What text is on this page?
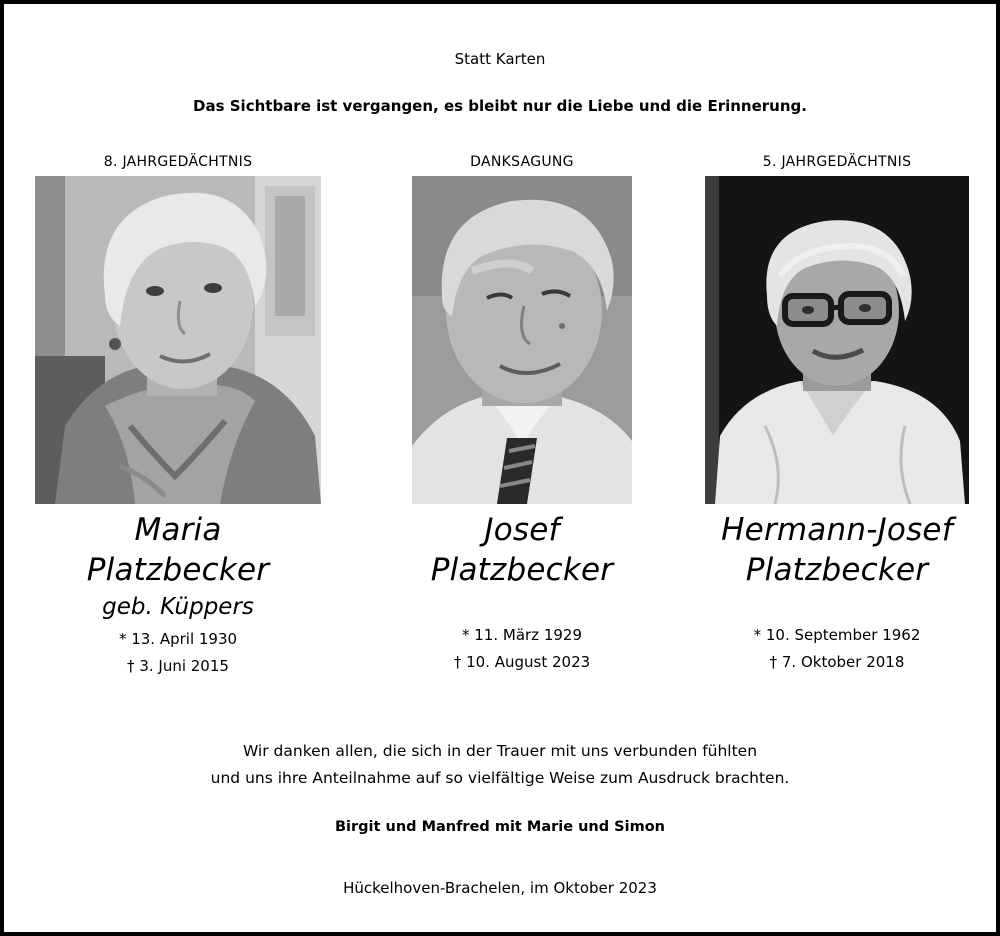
Statt Karten
Das Sichtbare ist vergangen, es bleibt nur die Liebe und die Erinnerung.
8. JAHRGEDÄCHTNIS
Maria
Platzbecker
geb. Küppers
* 13. April 1930
† 3. Juni 2015
DANKSAGUNG
Josef
Platzbecker
* 11. März 1929
† 10. August 2023
5. JAHRGEDÄCHTNIS
Hermann-Josef
Platzbecker
* 10. September 1962
† 7. Oktober 2018
Wir danken allen, die sich in der Trauer mit uns verbunden fühlten
und uns ihre Anteilnahme auf so vielfältige Weise zum Ausdruck brachten.
Birgit und Manfred mit Marie und Simon
Hückelhoven-Brachelen, im Oktober 2023
